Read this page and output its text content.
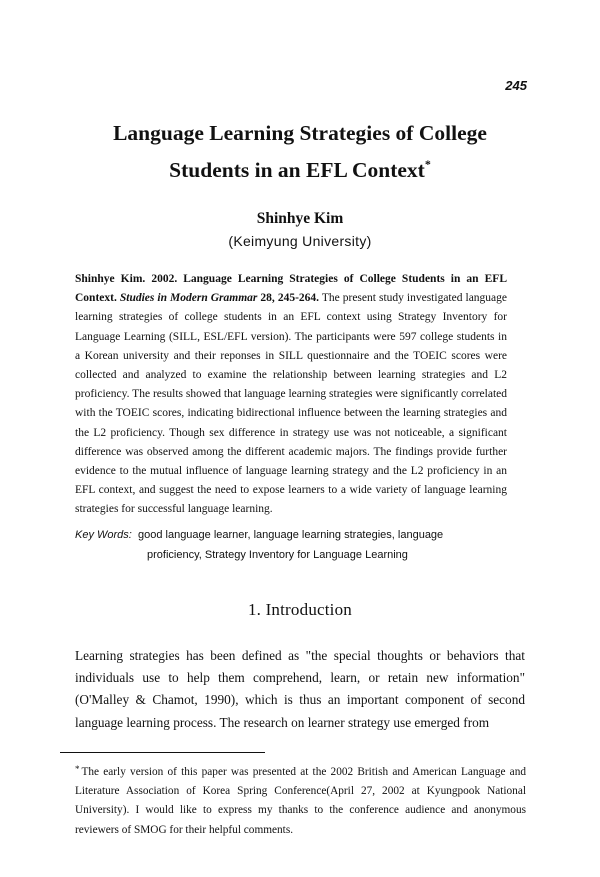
245
Language Learning Strategies of College
Students in an EFL Context*
Shinhye Kim
(Keimyung University)
Shinhye Kim. 2002. Language Learning Strategies of College Students in an EFL Context. Studies in Modern Grammar 28, 245-264. The present study investigated language learning strategies of college students in an EFL context using Strategy Inventory for Language Learning (SILL, ESL/EFL version). The participants were 597 college students in a Korean university and their reponses in SILL questionnaire and the TOEIC scores were collected and analyzed to examine the relationship between learning strategies and L2 proficiency. The results showed that language learning strategies were significantly correlated with the TOEIC scores, indicating bidirectional influence between the learning strategies and the L2 proficiency. Though sex difference in strategy use was not noticeable, a significant difference was observed among the different academic majors. The findings provide further evidence to the mutual influence of language learning strategy and the L2 proficiency in an EFL context, and suggest the need to expose learners to a wide variety of language learning strategies for successful language learning.
Key Words: good language learner, language learning strategies, language
proficiency, Strategy Inventory for Language Learning
1. Introduction
Learning strategies has been defined as "the special thoughts or behaviors that individuals use to help them comprehend, learn, or retain new information" (O'Malley & Chamot, 1990), which is thus an important component of second language learning process. The research on learner strategy use emerged from
* The early version of this paper was presented at the 2002 British and American Language and Literature Association of Korea Spring Conference(April 27, 2002 at Kyungpook National University). I would like to express my thanks to the conference audience and anonymous reviewers of SMOG for their helpful comments.
